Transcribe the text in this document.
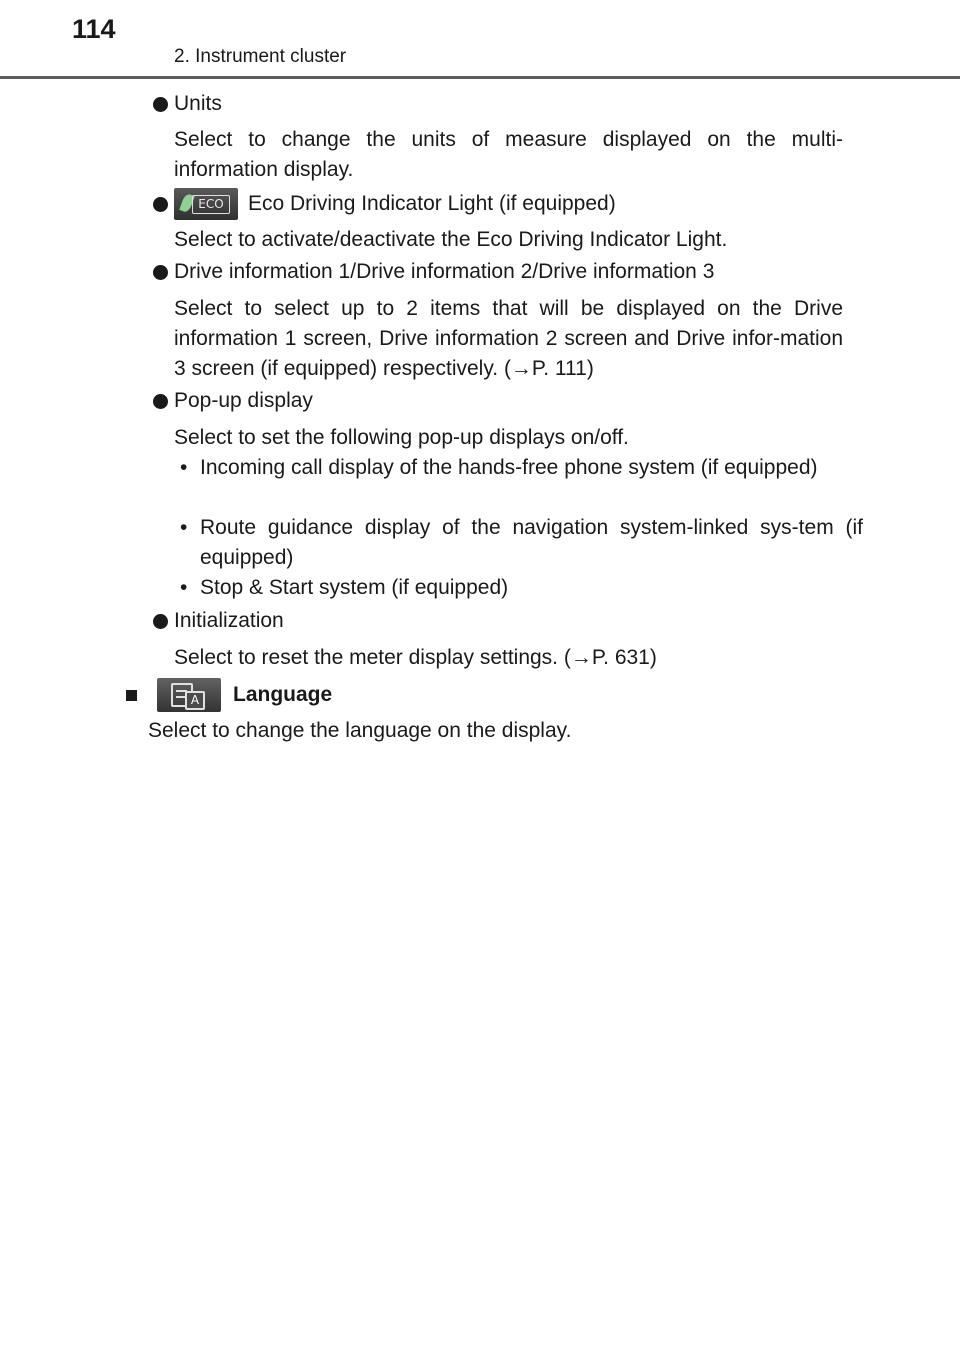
114
2. Instrument cluster
Units
Select to change the units of measure displayed on the multi-information display.
ECO Eco Driving Indicator Light (if equipped)
Select to activate/deactivate the Eco Driving Indicator Light.
Drive information 1/Drive information 2/Drive information 3
Select to select up to 2 items that will be displayed on the Drive information 1 screen, Drive information 2 screen and Drive infor-mation 3 screen (if equipped) respectively. (→P. 111)
Pop-up display
Select to set the following pop-up displays on/off.
• Incoming call display of the hands-free phone system (if equipped)
• Route guidance display of the navigation system-linked sys-tem (if equipped)
• Stop & Start system (if equipped)
Initialization
Select to reset the meter display settings. (→P. 631)
A Language
Select to change the language on the display.
